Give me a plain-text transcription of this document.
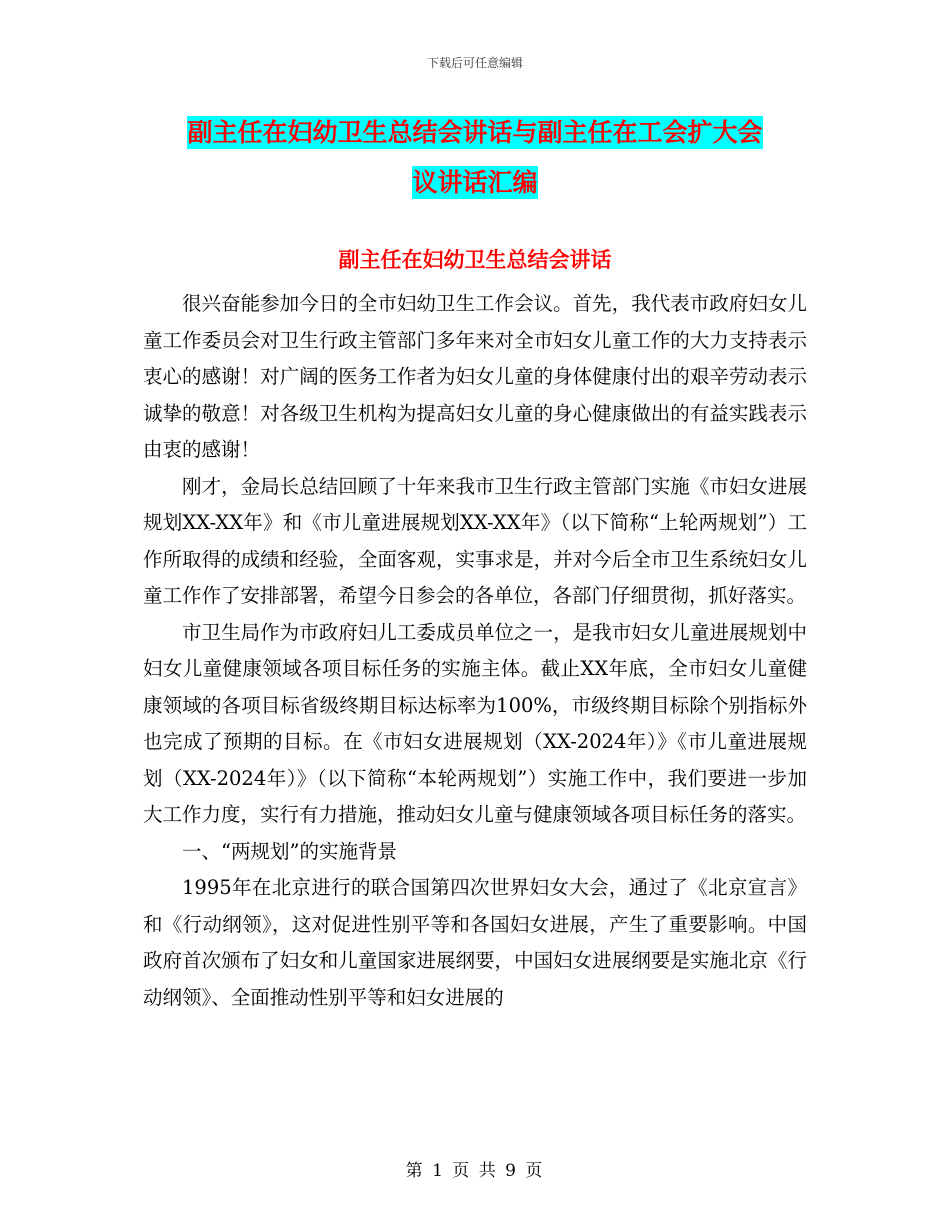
下载后可任意编辑
副主任在妇幼卫生总结会讲话与副主任在工会扩大会
议讲话汇编
副主任在妇幼卫生总结会讲话

很兴奋能参加今日的全市妇幼卫生工作会议。首先，我代表市政府妇女儿童工作委员会对卫生行政主管部门多年来对全市妇女儿童工作的大力支持表示衷心的感谢！对广阔的医务工作者为妇女儿童的身体健康付出的艰辛劳动表示诚挚的敬意！对各级卫生机构为提高妇女儿童的身心健康做出的有益实践表示由衷的感谢！

刚才，金局长总结回顾了十年来我市卫生行政主管部门实施《市妇女进展规划XX-XX年》和《市儿童进展规划XX-XX年》（以下简称“上轮两规划”）工作所取得的成绩和经验，全面客观，实事求是，并对今后全市卫生系统妇女儿童工作作了安排部署，希望今日参会的各单位，各部门仔细贯彻，抓好落实。

市卫生局作为市政府妇儿工委成员单位之一，是我市妇女儿童进展规划中妇女儿童健康领域各项目标任务的实施主体。截止XX年底，全市妇女儿童健康领域的各项目标省级终期目标达标率为100%，市级终期目标除个别指标外也完成了预期的目标。在《市妇女进展规划（XX-2024年）》《市儿童进展规划（XX-2024年）》（以下简称“本轮两规划”）实施工作中，我们要进一步加大工作力度，实行有力措施，推动妇女儿童与健康领域各项目标任务的落实。

一、“两规划”的实施背景

1995年在北京进行的联合国第四次世界妇女大会，通过了《北京宣言》和《行动纲领》，这对促进性别平等和各国妇女进展，产生了重要影响。中国政府首次颁布了妇女和儿童国家进展纲要，中国妇女进展纲要是实施北京《行动纲领》、全面推动性别平等和妇女进展的

第 1 页 共 9 页
